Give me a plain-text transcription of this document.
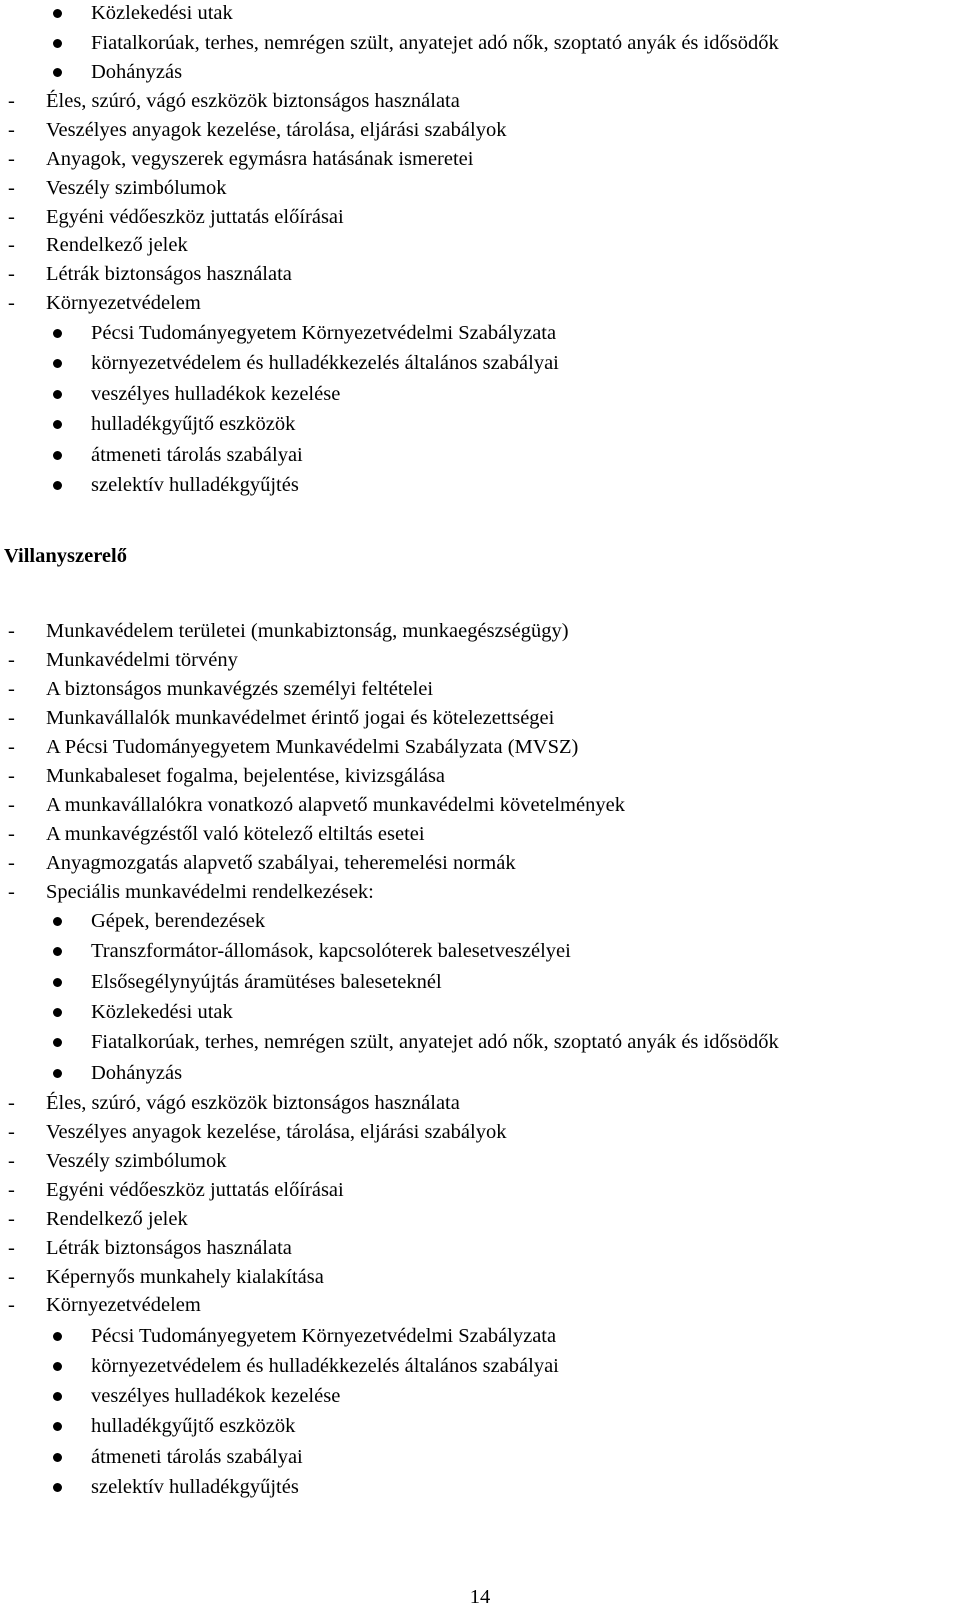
Közlekedési utak
Fiatalkorúak, terhes, nemrégen szült, anyatejet adó nők, szoptató anyák és idősödők
Dohányzás
- Éles, szúró, vágó eszközök biztonságos használata
- Veszélyes anyagok kezelése, tárolása, eljárási szabályok
- Anyagok, vegyszerek egymásra hatásának ismeretei
- Veszély szimbólumok
- Egyéni védőeszköz juttatás előírásai
- Rendelkező jelek
- Létrák biztonságos használata
- Környezetvédelem
Pécsi Tudományegyetem Környezetvédelmi Szabályzata
környezetvédelem és hulladékkezelés általános szabályai
veszélyes hulladékok kezelése
hulladékgyűjtő eszközök
átmeneti tárolás szabályai
szelektív hulladékgyűjtés
Villanyszerelő
- Munkavédelem területei (munkabiztonság, munkaegészségügy)
- Munkavédelmi törvény
- A biztonságos munkavégzés személyi feltételei
- Munkavállalók munkavédelmet érintő jogai és kötelezettségei
- A Pécsi Tudományegyetem Munkavédelmi Szabályzata (MVSZ)
- Munkabaleset fogalma, bejelentése, kivizsgálása
- A munkavállalókra vonatkozó alapvető munkavédelmi követelmények
- A munkavégzéstől való kötelező eltiltás esetei
- Anyagmozgatás alapvető szabályai, teheremelési normák
- Speciális munkavédelmi rendelkezések:
Gépek, berendezések
Transzformátor-állomások, kapcsolóterek balesetveszélyei
Elsősegélynyújtás áramütéses baleseteknél
Közlekedési utak
Fiatalkorúak, terhes, nemrégen szült, anyatejet adó nők, szoptató anyák és idősödők
Dohányzás
- Éles, szúró, vágó eszközök biztonságos használata
- Veszélyes anyagok kezelése, tárolása, eljárási szabályok
- Veszély szimbólumok
- Egyéni védőeszköz juttatás előírásai
- Rendelkező jelek
- Létrák biztonságos használata
- Képernyős munkahely kialakítása
- Környezetvédelem
Pécsi Tudományegyetem Környezetvédelmi Szabályzata
környezetvédelem és hulladékkezelés általános szabályai
veszélyes hulladékok kezelése
hulladékgyűjtő eszközök
átmeneti tárolás szabályai
szelektív hulladékgyűjtés
14
